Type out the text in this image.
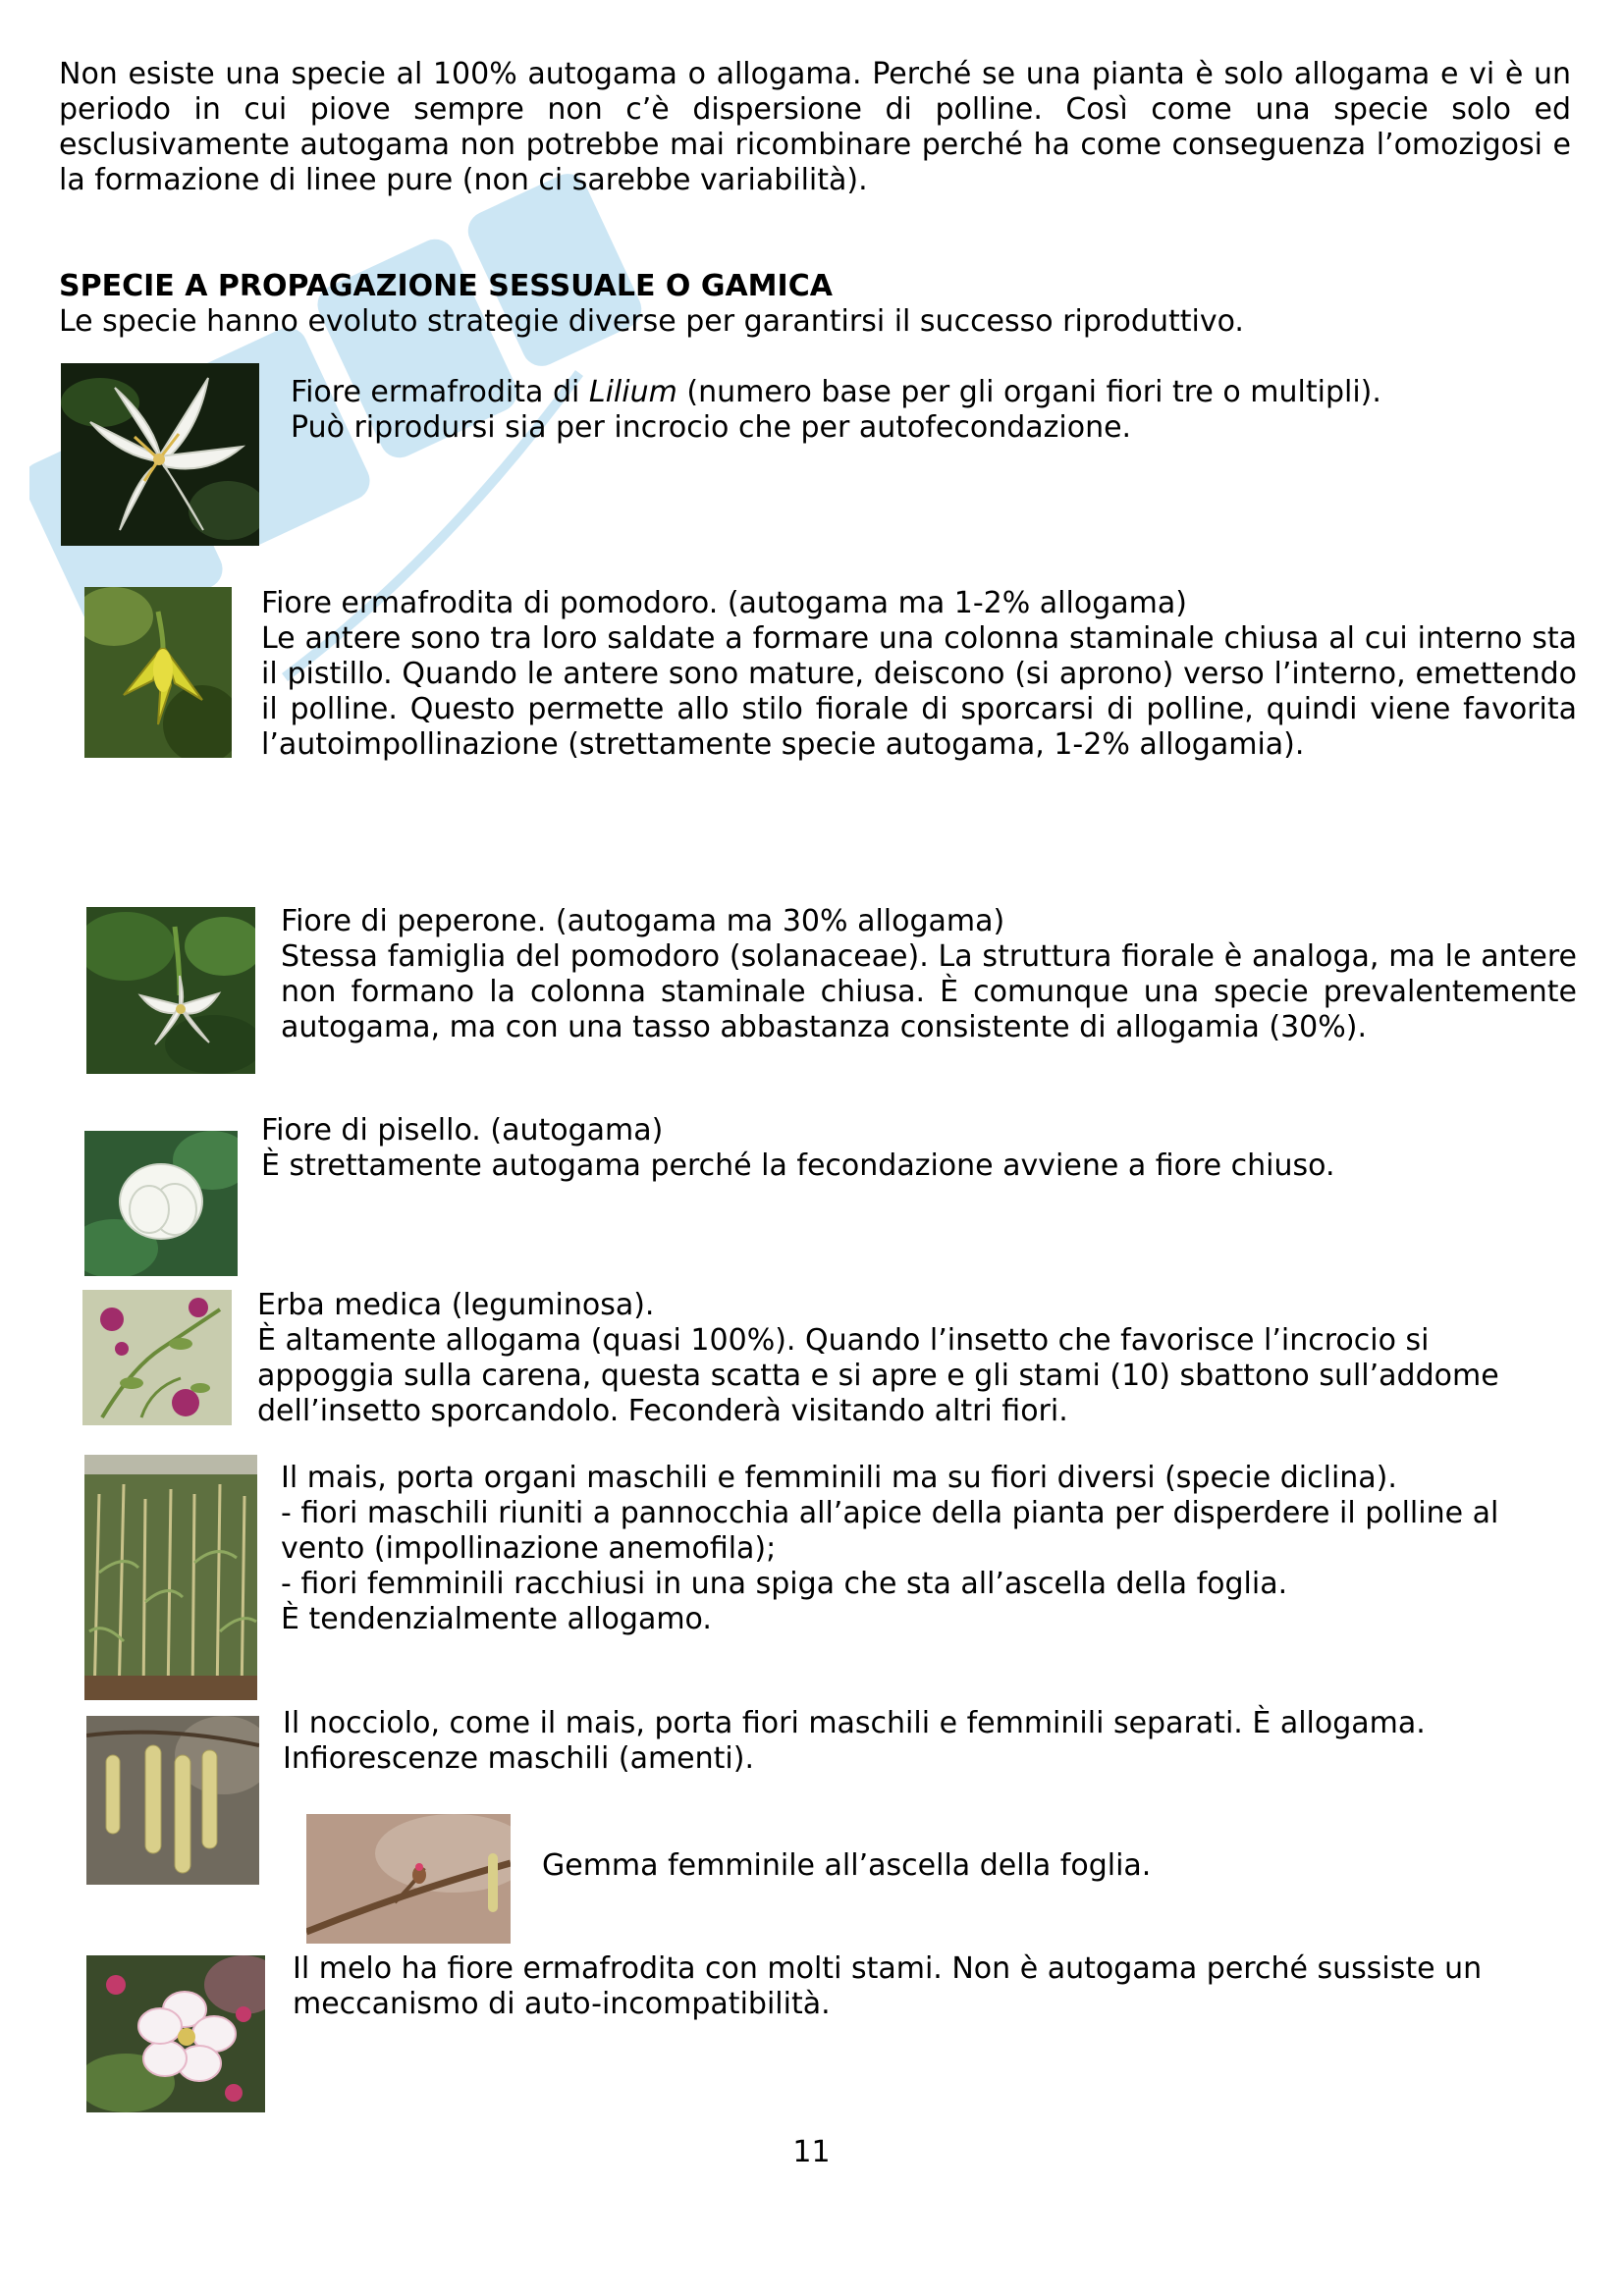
Non esiste una specie al 100% autogama o allogama. Perché se una pianta è solo allogama e vi è un periodo in cui piove sempre non c’è dispersione di polline. Così come una specie solo ed esclusivamente autogama non potrebbe mai ricombinare perché ha come conseguenza l’omozigosi e la formazione di linee pure (non ci sarebbe variabilità).

SPECIE A PROPAGAZIONE SESSUALE O GAMICA
Le specie hanno evoluto strategie diverse per garantirsi il successo riproduttivo.
Fiore ermafrodita di Lilium (numero base per gli organi fiori tre o multipli).
Può riprodursi sia per incrocio che per autofecondazione.
Fiore ermafrodita di pomodoro. (autogama ma 1-2% allogama)
Le antere sono tra loro saldate a formare una colonna staminale chiusa al cui interno sta il pistillo. Quando le antere sono mature, deiscono (si aprono) verso l’interno, emettendo il polline. Questo permette allo stilo fiorale di sporcarsi di polline, quindi viene favorita l’autoimpollinazione (strettamente specie autogama, 1-2% allogamia).
Fiore di peperone. (autogama ma 30% allogama)
Stessa famiglia del pomodoro (solanaceae). La struttura fiorale è analoga, ma le antere non formano la colonna staminale chiusa. È comunque una specie prevalentemente autogama, ma con una tasso abbastanza consistente di allogamia (30%).
Fiore di pisello. (autogama)
È strettamente autogama perché la fecondazione avviene a fiore chiuso.
Erba medica (leguminosa).
È altamente allogama (quasi 100%). Quando l’insetto che favorisce l’incrocio si
appoggia sulla carena, questa scatta e si apre e gli stami (10) sbattono sull’addome
dell’insetto sporcandolo. Feconderà visitando altri fiori.
Il mais, porta organi maschili e femminili ma su fiori diversi (specie diclina).
- fiori maschili riuniti a pannocchia all’apice della pianta per disperdere il polline al
vento (impollinazione anemofila);
- fiori femminili racchiusi in una spiga che sta all’ascella della foglia.
È tendenzialmente allogamo.
Il nocciolo, come il mais, porta fiori maschili e femminili separati. È allogama.
Infiorescenze maschili (amenti).
Gemma femminile all’ascella della foglia.
Il melo ha fiore ermafrodita con molti stami. Non è autogama perché sussiste un
meccanismo di auto-incompatibilità.
11
